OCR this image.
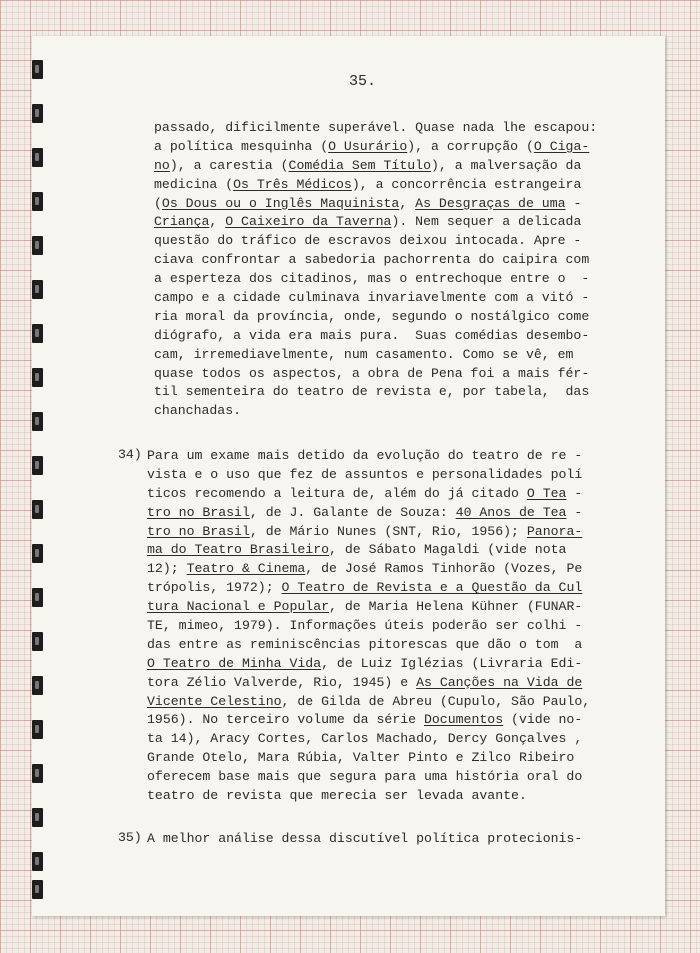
35.
passado, dificilmente superável. Quase nada lhe escapou:
a política mesquinha (O Usurário), a corrupção (O Ciga-
no), a carestia (Comédia Sem Título), a malversação da
medicina (Os Três Médicos), a concorrência estrangeira
(Os Dous ou o Inglês Maquinista, As Desgraças de uma -
Criança, O Caixeiro da Taverna). Nem sequer a delicada
questão do tráfico de escravos deixou intocada. Apre -
ciava confrontar a sabedoria pachorrenta do caipira com
a esperteza dos citadinos, mas o entrechoque entre o  -
campo e a cidade culminava invariavelmente com a vitó -
ria moral da província, onde, segundo o nostálgico come
diógrafo, a vida era mais pura.  Suas comédias desembo-
cam, irremediavelmente, num casamento. Como se vê, em
quase todos os aspectos, a obra de Pena foi a mais fér-
til sementeira do teatro de revista e, por tabela,  das
chanchadas.
34) Para um exame mais detido da evolução do teatro de re -
vista e o uso que fez de assuntos e personalidades polí
ticos recomendo a leitura de, além do já citado O Tea -
tro no Brasil, de J. Galante de Souza: 40 Anos de Tea -
tro no Brasil, de Mário Nunes (SNT, Rio, 1956); Panora-
ma do Teatro Brasileiro, de Sábato Magaldi (vide nota
12); Teatro & Cinema, de José Ramos Tinhorão (Vozes, Pe
trópolis, 1972); O Teatro de Revista e a Questão da Cul
tura Nacional e Popular, de Maria Helena Kühner (FUNAR-
TE, mimeo, 1979). Informações úteis poderão ser colhi -
das entre as reminiscências pitorescas que dão o tom  a
O Teatro de Minha Vida, de Luiz Iglézias (Livraria Edi-
tora Zélio Valverde, Rio, 1945) e As Canções na Vida de
Vicente Celestino, de Gilda de Abreu (Cupulo, São Paulo,
1956). No terceiro volume da série Documentos (vide no-
ta 14), Aracy Cortes, Carlos Machado, Dercy Gonçalves ,
Grande Otelo, Mara Rúbia, Valter Pinto e Zilco Ribeiro
oferecem base mais que segura para uma história oral do
teatro de revista que merecia ser levada avante.
35) A melhor análise dessa discutível política protecionis-
